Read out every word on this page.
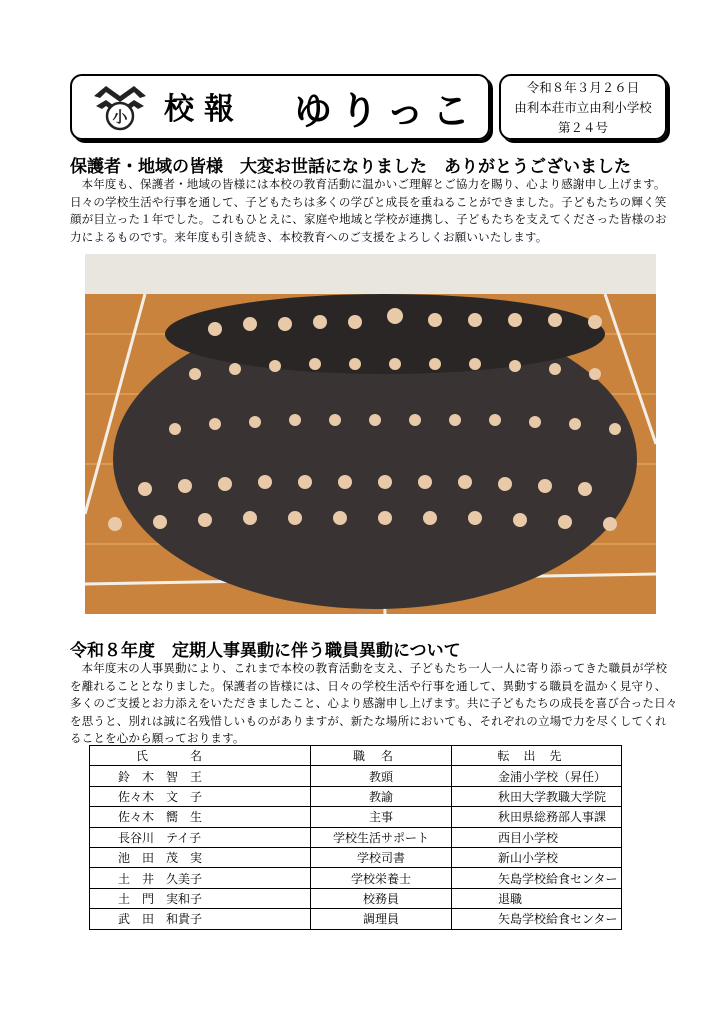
小 校報 ゆりっこ
令和８年３月２６日
由利本荘市立由利小学校
第２４号
保護者・地域の皆様　大変お世話になりました　ありがとうございました

本年度も、保護者・地域の皆様には本校の教育活動に温かいご理解とご協力を賜り、心より感謝申し上げます。日々の学校生活や行事を通して、子どもたちは多くの学びと成長を重ねることができました。子どもたちの輝く笑顔が目立った１年でした。これもひとえに、家庭や地域と学校が連携し、子どもたちを支えてくださった皆様のお力によるものです。来年度も引き続き、本校教育へのご支援をよろしくお願いいたします。

令和８年度　定期人事異動に伴う職員異動について

本年度末の人事異動により、これまで本校の教育活動を支え、子どもたち一人一人に寄り添ってきた職員が学校を離れることとなりました。保護者の皆様には、日々の学校生活や行事を通して、異動する職員を温かく見守り、多くのご支援とお力添えをいただきましたこと、心より感謝申し上げます。共に子どもたちの成長を喜び合った日々を思うと、別れは誠に名残惜しいものがありますが、新たな場所においても、それぞれの立場で力を尽くしてくれることを心から願っております。

氏名	職名	転出先
鈴　木　智　王	教頭	金浦小学校（昇任）
佐々木　文　子	教諭	秋田大学教職大学院
佐々木　嚮　生	主事	秋田県総務部人事課
長谷川　テイ子	学校生活サポート	西目小学校
池　田　茂　実	学校司書	新山小学校
土　井　久美子	学校栄養士	矢島学校給食センター
土　門　実和子	校務員	退職
武　田　和貴子	調理員	矢島学校給食センター
